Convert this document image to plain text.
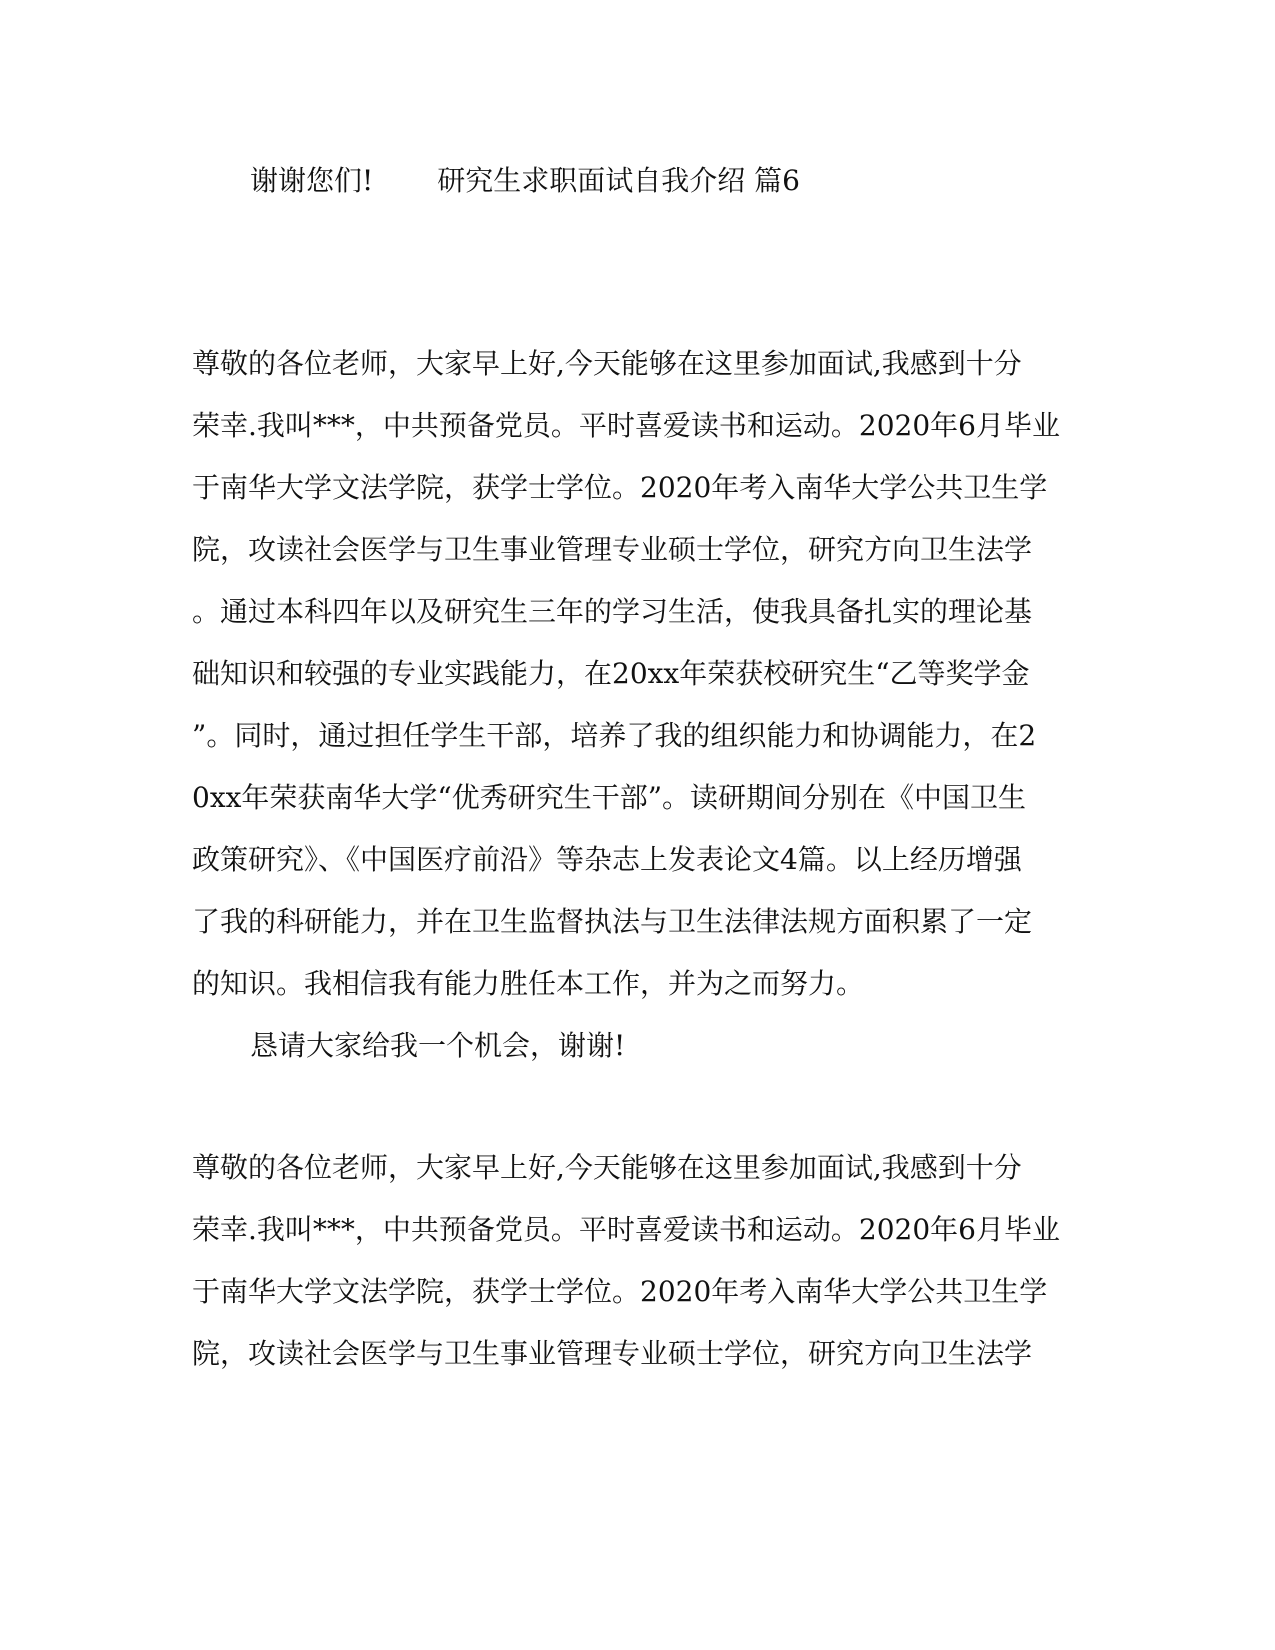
谢谢您们! 研究生求职面试自我介绍 篇6
尊敬的各位老师，大家早上好,今天能够在这里参加面试,我感到十分
荣幸.我叫***，中共预备党员。平时喜爱读书和运动。2020年6月毕业
于南华大学文法学院，获学士学位。2020年考入南华大学公共卫生学
院，攻读社会医学与卫生事业管理专业硕士学位，研究方向卫生法学
。通过本科四年以及研究生三年的学习生活，使我具备扎实的理论基
础知识和较强的专业实践能力，在20xx年荣获校研究生“乙等奖学金
”。同时，通过担任学生干部，培养了我的组织能力和协调能力，在2
0xx年荣获南华大学“优秀研究生干部”。读研期间分别在《中国卫生
政策研究》、《中国医疗前沿》等杂志上发表论文4篇。以上经历增强
了我的科研能力，并在卫生监督执法与卫生法律法规方面积累了一定
的知识。我相信我有能力胜任本工作，并为之而努力。
恳请大家给我一个机会，谢谢!
尊敬的各位老师，大家早上好,今天能够在这里参加面试,我感到十分
荣幸.我叫***，中共预备党员。平时喜爱读书和运动。2020年6月毕业
于南华大学文法学院，获学士学位。2020年考入南华大学公共卫生学
院，攻读社会医学与卫生事业管理专业硕士学位，研究方向卫生法学
